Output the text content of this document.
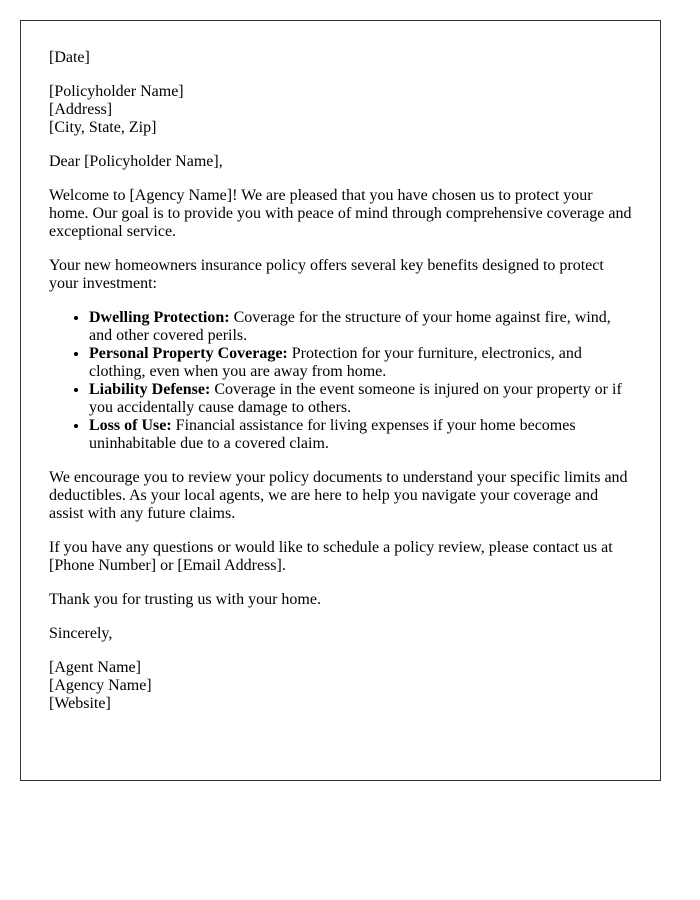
[Date]

[Policyholder Name]
[Address]
[City, State, Zip]

Dear [Policyholder Name],

Welcome to [Agency Name]! We are pleased that you have chosen us to protect your home. Our goal is to provide you with peace of mind through comprehensive coverage and exceptional service.

Your new homeowners insurance policy offers several key benefits designed to protect your investment:

• Dwelling Protection: Coverage for the structure of your home against fire, wind, and other covered perils.
• Personal Property Coverage: Protection for your furniture, electronics, and clothing, even when you are away from home.
• Liability Defense: Coverage in the event someone is injured on your property or if you accidentally cause damage to others.
• Loss of Use: Financial assistance for living expenses if your home becomes uninhabitable due to a covered claim.

We encourage you to review your policy documents to understand your specific limits and deductibles. As your local agents, we are here to help you navigate your coverage and assist with any future claims.

If you have any questions or would like to schedule a policy review, please contact us at [Phone Number] or [Email Address].

Thank you for trusting us with your home.

Sincerely,

[Agent Name]
[Agency Name]
[Website]
